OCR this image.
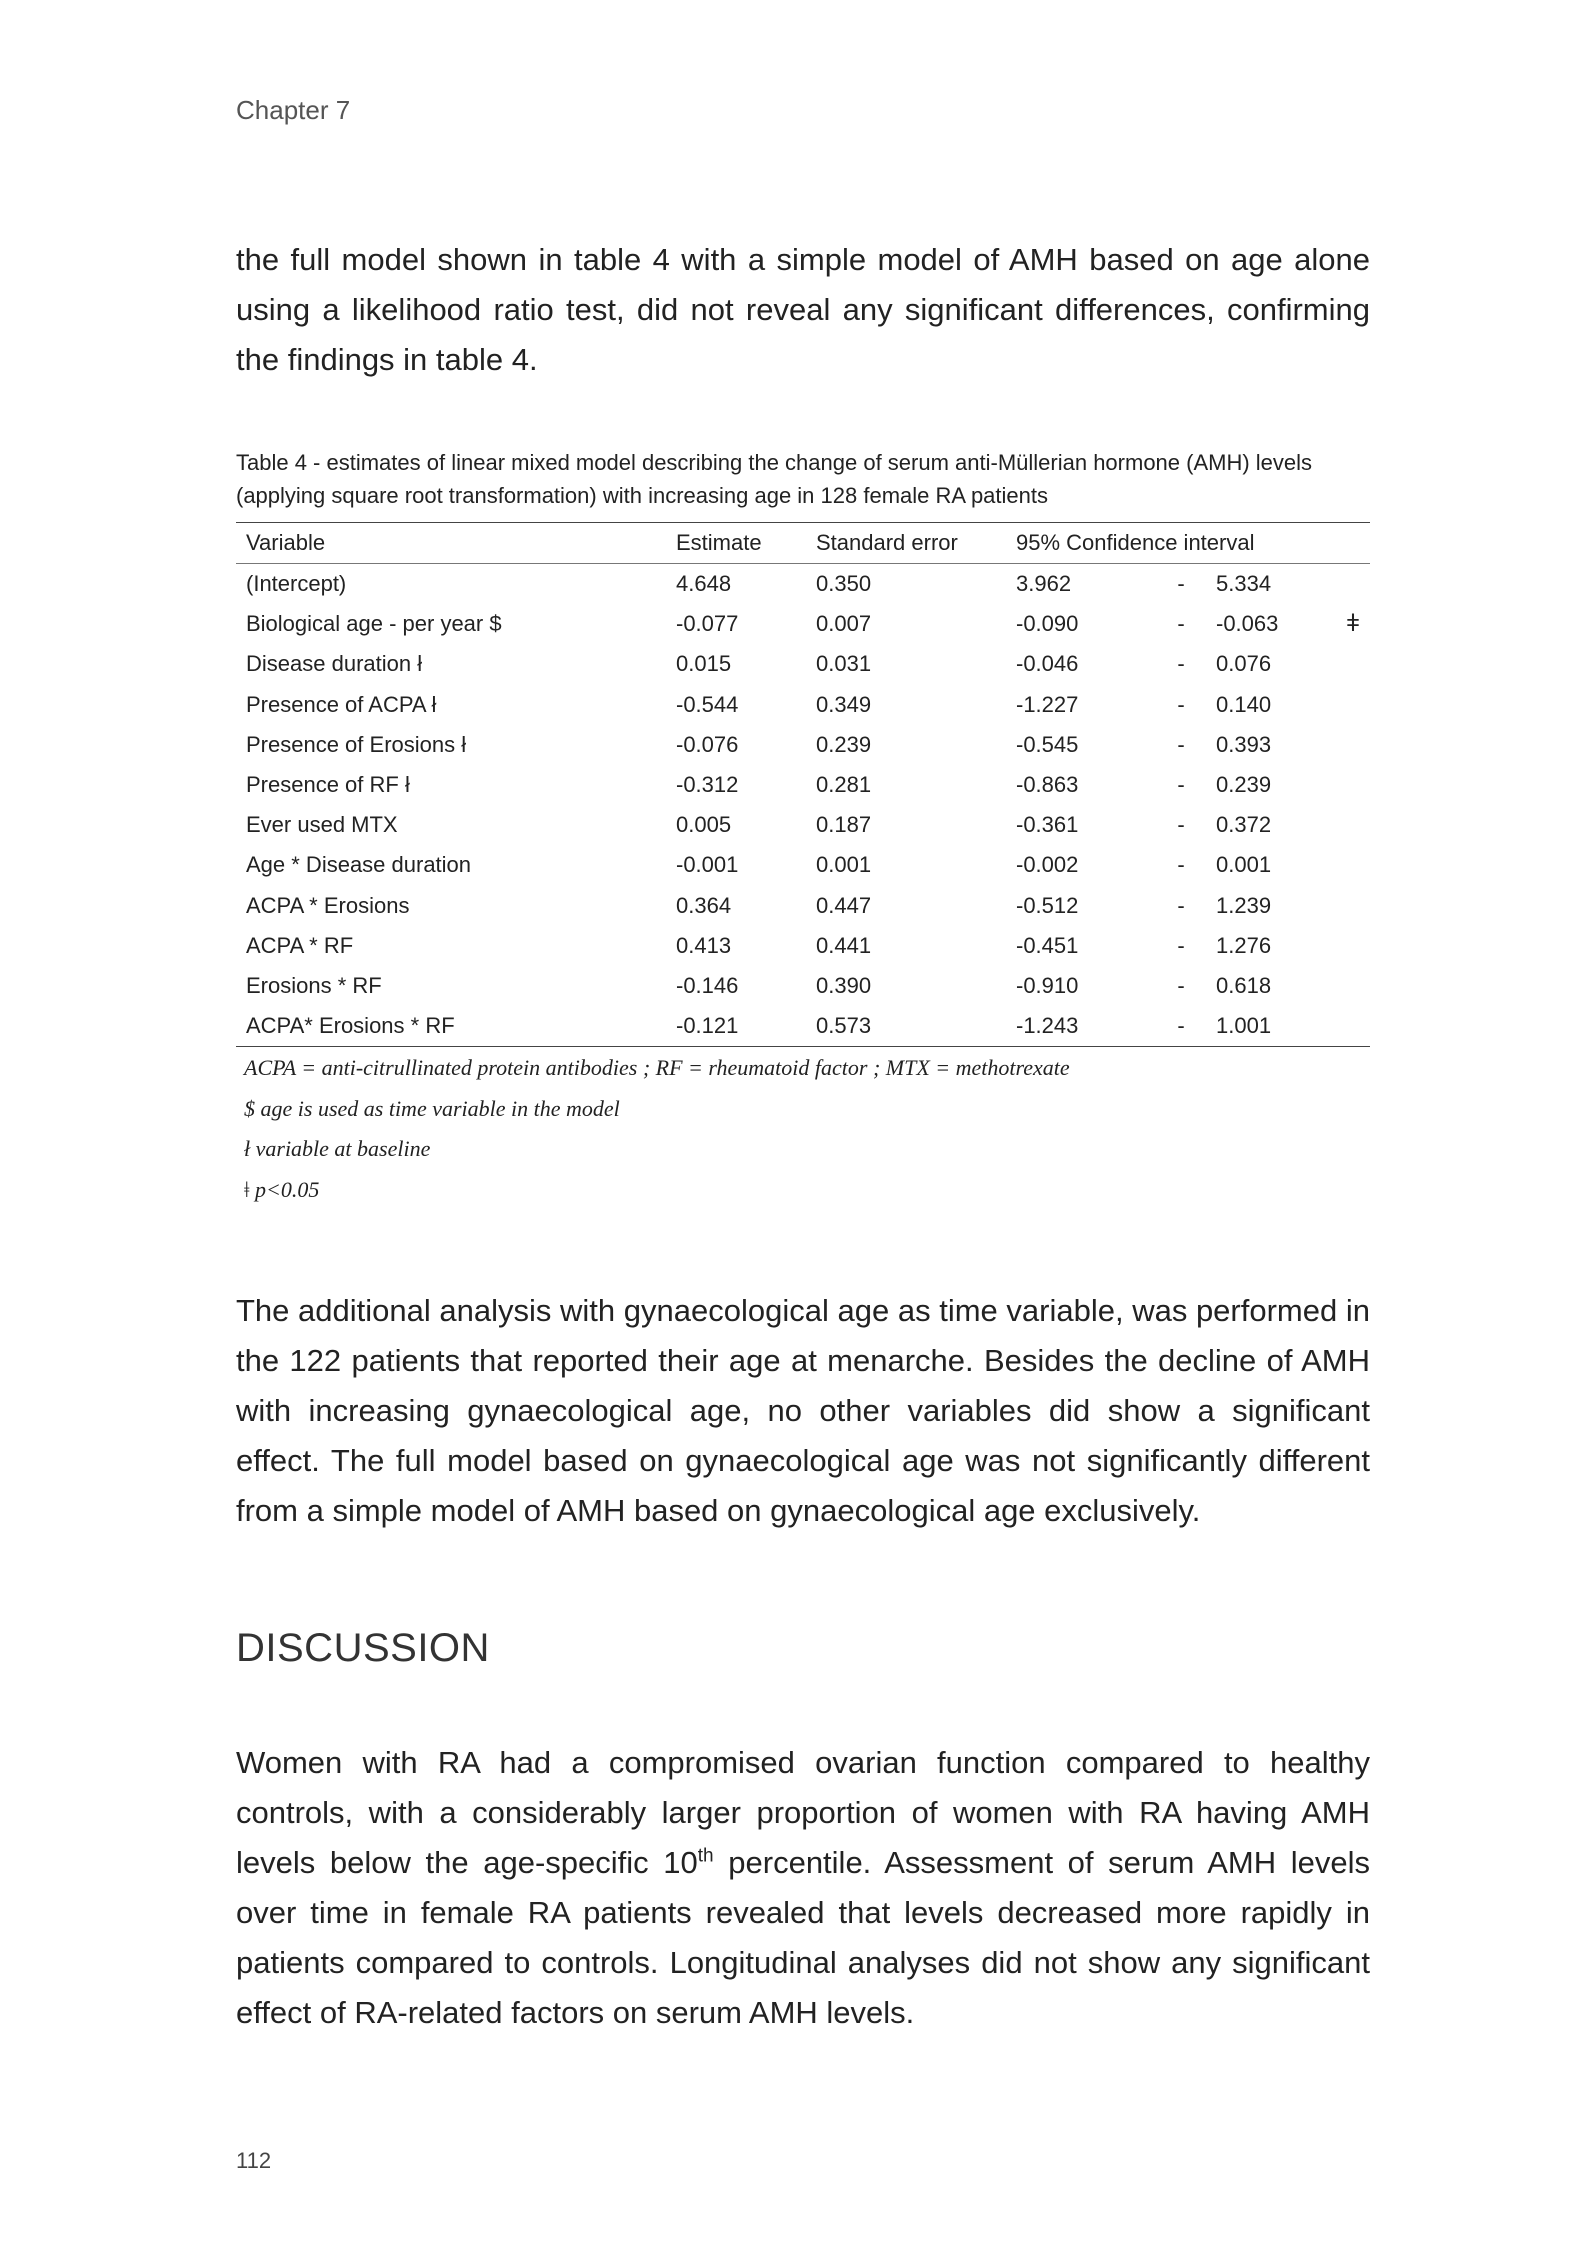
Chapter 7

the full model shown in table 4 with a simple model of AMH based on age alone using a likelihood ratio test, did not reveal any significant differences, confirming the findings in table 4.

Table 4 - estimates of linear mixed model describing the change of serum anti-Müllerian hormone (AMH) levels (applying square root transformation) with increasing age in 128 female RA patients

Variable	Estimate	Standard error	95% Confidence interval			
(Intercept)	4.648	0.350	3.962	-	5.334	
Biological age - per year $	-0.077	0.007	-0.090	-	-0.063	ǂ
Disease duration ł	0.015	0.031	-0.046	-	0.076	
Presence of ACPA ł	-0.544	0.349	-1.227	-	0.140	
Presence of Erosions ł	-0.076	0.239	-0.545	-	0.393	
Presence of RF ł	-0.312	0.281	-0.863	-	0.239	
Ever used MTX	0.005	0.187	-0.361	-	0.372	
Age * Disease duration	-0.001	0.001	-0.002	-	0.001	
ACPA * Erosions	0.364	0.447	-0.512	-	1.239	
ACPA * RF	0.413	0.441	-0.451	-	1.276	
Erosions * RF	-0.146	0.390	-0.910	-	0.618	
ACPA* Erosions * RF	-0.121	0.573	-1.243	-	1.001	
ACPA = anti-citrullinated protein antibodies ; RF = rheumatoid factor ; MTX = methotrexate
$ age is used as time variable in the model
ł variable at baseline
ǂ p<0.05

The additional analysis with gynaecological age as time variable, was performed in the 122 patients that reported their age at menarche. Besides the decline of AMH with increasing gynaecological age, no other variables did show a significant effect. The full model based on gynaecological age was not significantly different from a simple model of AMH based on gynaecological age exclusively.

DISCUSSION

Women with RA had a compromised ovarian function compared to healthy controls, with a considerably larger proportion of women with RA having AMH levels below the age-specific 10th percentile. Assessment of serum AMH levels over time in female RA patients revealed that levels decreased more rapidly in patients compared to controls. Longitudinal analyses did not show any significant effect of RA-related factors on serum AMH levels.

112
